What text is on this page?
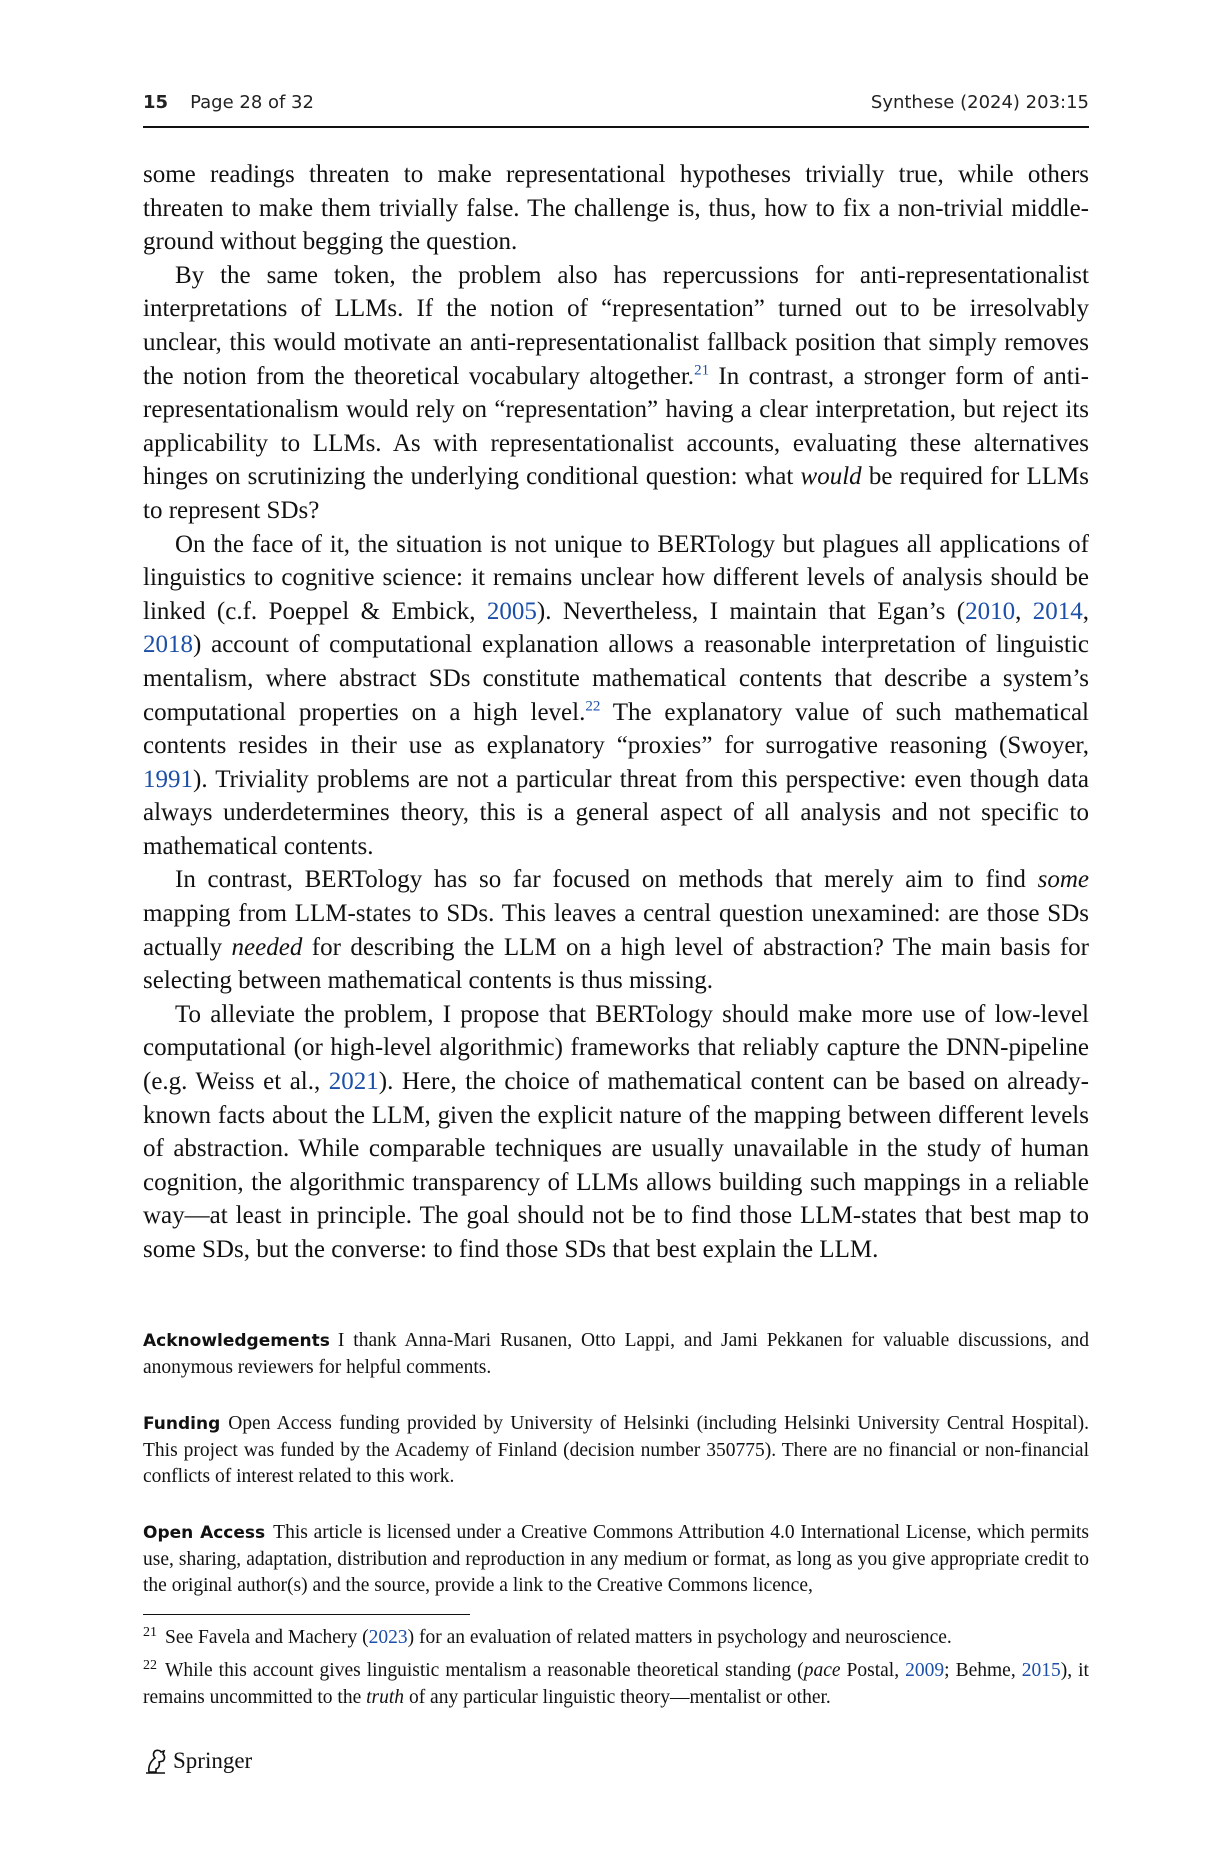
15 Page 28 of 32	Synthese (2024) 203:15

some readings threaten to make representational hypotheses trivially true, while others threaten to make them trivially false. The challenge is, thus, how to fix a non-trivial middle-ground without begging the question.

By the same token, the problem also has repercussions for anti-representationalist interpretations of LLMs. If the notion of “representation” turned out to be irresolvably unclear, this would motivate an anti-representationalist fallback position that simply removes the notion from the theoretical vocabulary altogether.$^{21}$ In contrast, a stronger form of anti-representationalism would rely on “representation” having a clear interpretation, but reject its applicability to LLMs. As with representationalist accounts, evaluating these alternatives hinges on scrutinizing the underlying conditional question: what would be required for LLMs to represent SDs?

On the face of it, the situation is not unique to BERTology but plagues all applications of linguistics to cognitive science: it remains unclear how different levels of analysis should be linked (c.f. Poeppel & Embick, 2005). Nevertheless, I maintain that Egan’s (2010, 2014, 2018) account of computational explanation allows a reasonable interpretation of linguistic mentalism, where abstract SDs constitute mathematical contents that describe a system’s computational properties on a high level.$^{22}$ The explanatory value of such mathematical contents resides in their use as explanatory “proxies” for surrogative reasoning (Swoyer, 1991). Triviality problems are not a particular threat from this perspective: even though data always underdetermines theory, this is a general aspect of all analysis and not specific to mathematical contents.

In contrast, BERTology has so far focused on methods that merely aim to find some mapping from LLM-states to SDs. This leaves a central question unexamined: are those SDs actually needed for describing the LLM on a high level of abstraction? The main basis for selecting between mathematical contents is thus missing.

To alleviate the problem, I propose that BERTology should make more use of low-level computational (or high-level algorithmic) frameworks that reliably capture the DNN-pipeline (e.g. Weiss et al., 2021). Here, the choice of mathematical content can be based on already-known facts about the LLM, given the explicit nature of the mapping between different levels of abstraction. While comparable techniques are usually unavailable in the study of human cognition, the algorithmic transparency of LLMs allows building such mappings in a reliable way—at least in principle. The goal should not be to find those LLM-states that best map to some SDs, but the converse: to find those SDs that best explain the LLM.

Acknowledgements I thank Anna-Mari Rusanen, Otto Lappi, and Jami Pekkanen for valuable discussions, and anonymous reviewers for helpful comments.
Funding Open Access funding provided by University of Helsinki (including Helsinki University Central Hospital). This project was funded by the Academy of Finland (decision number 350775). There are no financial or non-financial conflicts of interest related to this work.
Open Access This article is licensed under a Creative Commons Attribution 4.0 International License, which permits use, sharing, adaptation, distribution and reproduction in any medium or format, as long as you give appropriate credit to the original author(s) and the source, provide a link to the Creative Commons licence,
$^{21}$ See Favela and Machery (2023) for an evaluation of related matters in psychology and neuroscience.
$^{22}$ While this account gives linguistic mentalism a reasonable theoretical standing (pace Postal, 2009; Behme, 2015), it remains uncommitted to the truth of any particular linguistic theory—mentalist or other.
Springer
